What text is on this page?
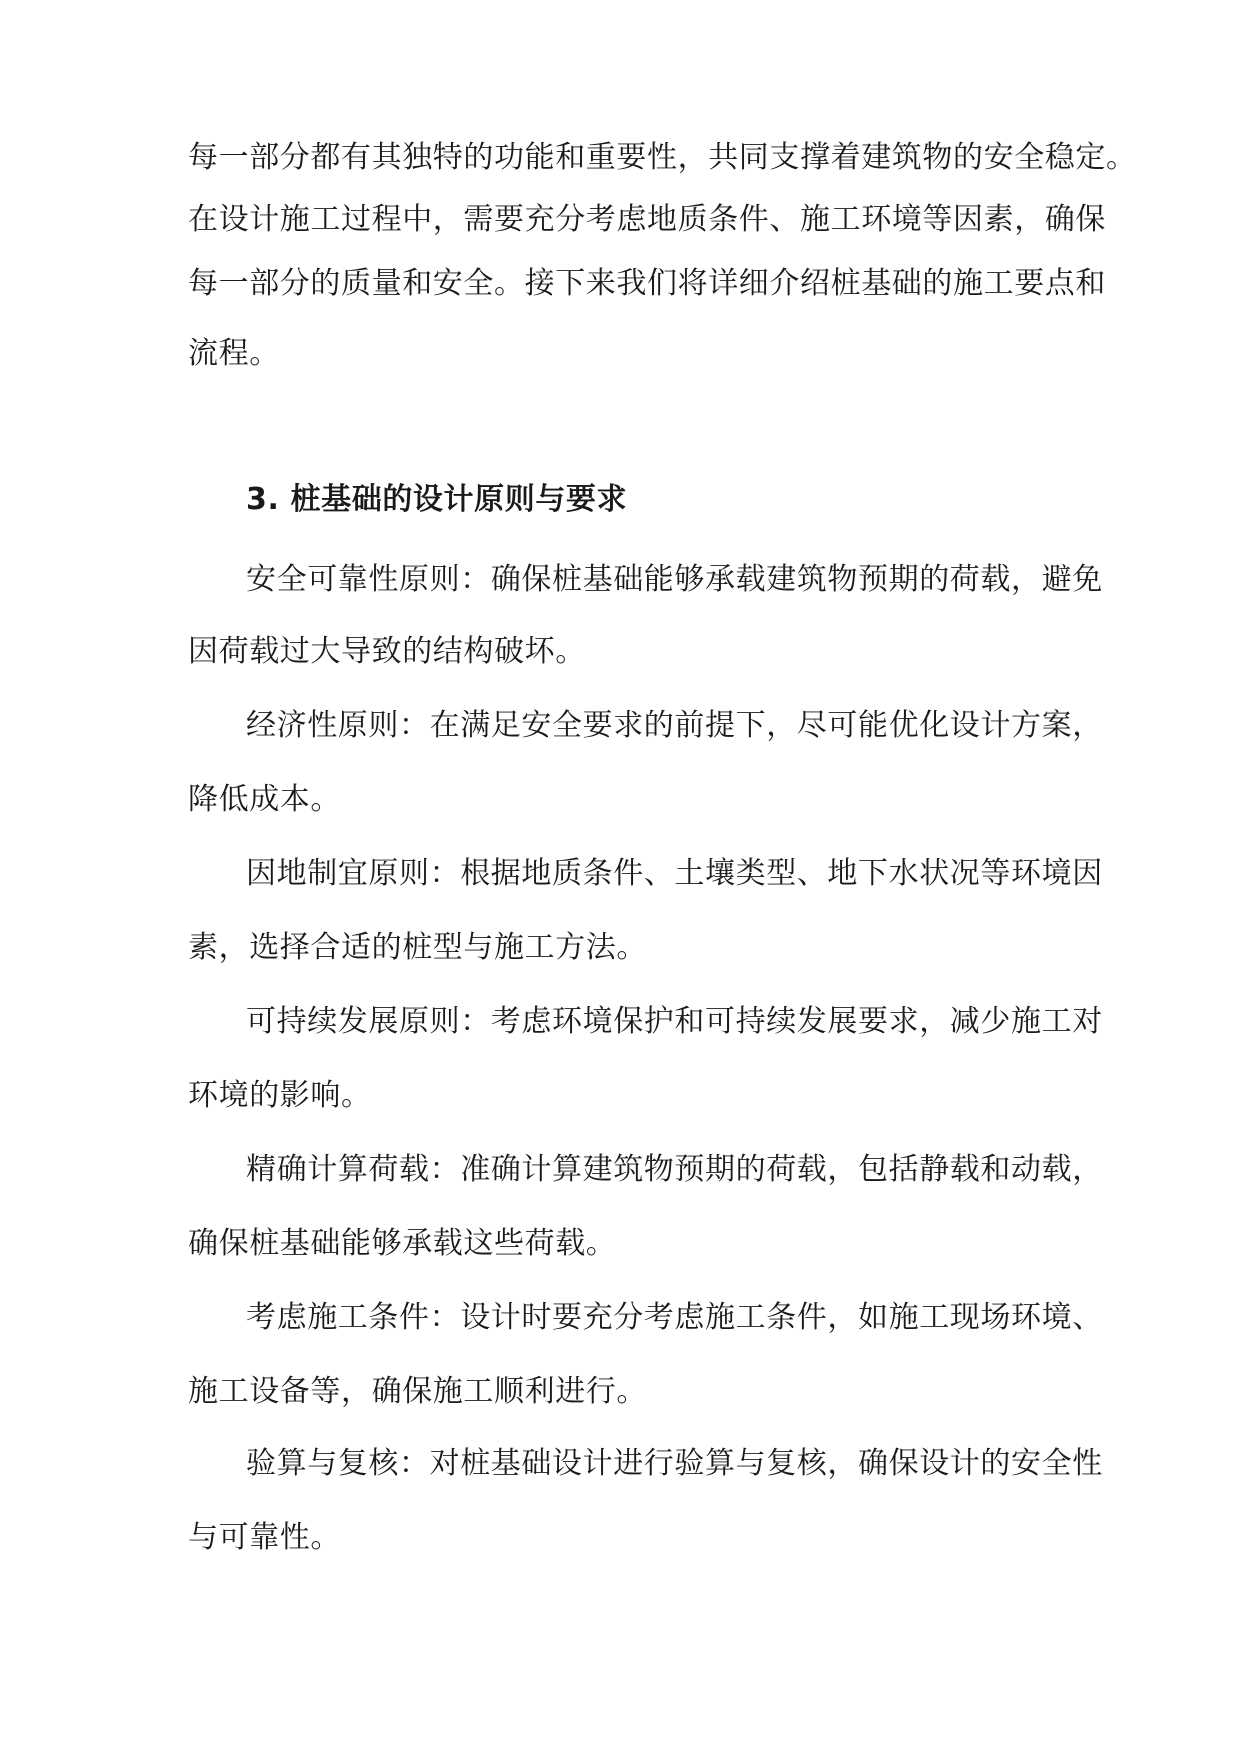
每一部分都有其独特的功能和重要性，共同支撑着建筑物的安全稳定。
在设计施工过程中，需要充分考虑地质条件、施工环境等因素，确保
每一部分的质量和安全。接下来我们将详细介绍桩基础的施工要点和
流程。
3. 桩基础的设计原则与要求
安全可靠性原则：确保桩基础能够承载建筑物预期的荷载，避免
因荷载过大导致的结构破坏。
经济性原则：在满足安全要求的前提下，尽可能优化设计方案，
降低成本。
因地制宜原则：根据地质条件、土壤类型、地下水状况等环境因
素，选择合适的桩型与施工方法。
可持续发展原则：考虑环境保护和可持续发展要求，减少施工对
环境的影响。
精确计算荷载：准确计算建筑物预期的荷载，包括静载和动载，
确保桩基础能够承载这些荷载。
考虑施工条件：设计时要充分考虑施工条件，如施工现场环境、
施工设备等，确保施工顺利进行。
验算与复核：对桩基础设计进行验算与复核，确保设计的安全性
与可靠性。
